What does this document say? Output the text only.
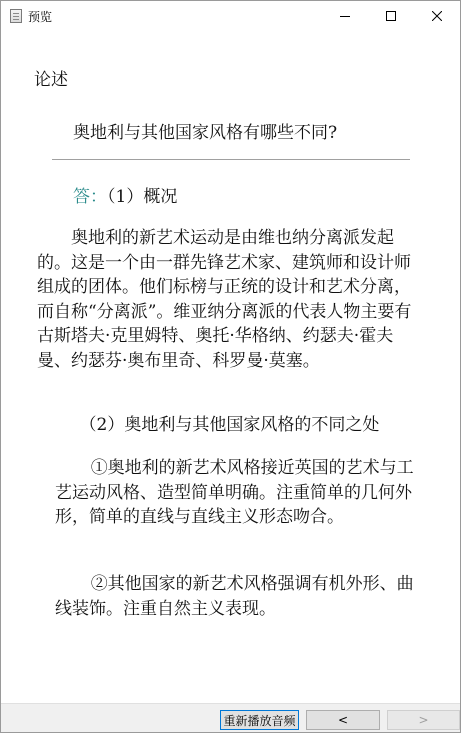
预览
论述
奥地利与其他国家风格有哪些不同?
答：（1）概况

奥地利的新艺术运动是由维也纳分离派发起的。这是一个由一群先锋艺术家、建筑师和设计师组成的团体。他们标榜与正统的设计和艺术分离，而自称“分离派”。维亚纳分离派的代表人物主要有古斯塔夫·克里姆特、奥托·华格纳、约瑟夫·霍夫曼、约瑟芬·奥布里奇、科罗曼·莫塞。

（2）奥地利与其他国家风格的不同之处

①奥地利的新艺术风格接近英国的艺术与工艺运动风格、造型简单明确。注重简单的几何外形，简单的直线与直线主义形态吻合。

②其他国家的新艺术风格强调有机外形、曲线装饰。注重自然主义表现。

重新播放音频	<	>
